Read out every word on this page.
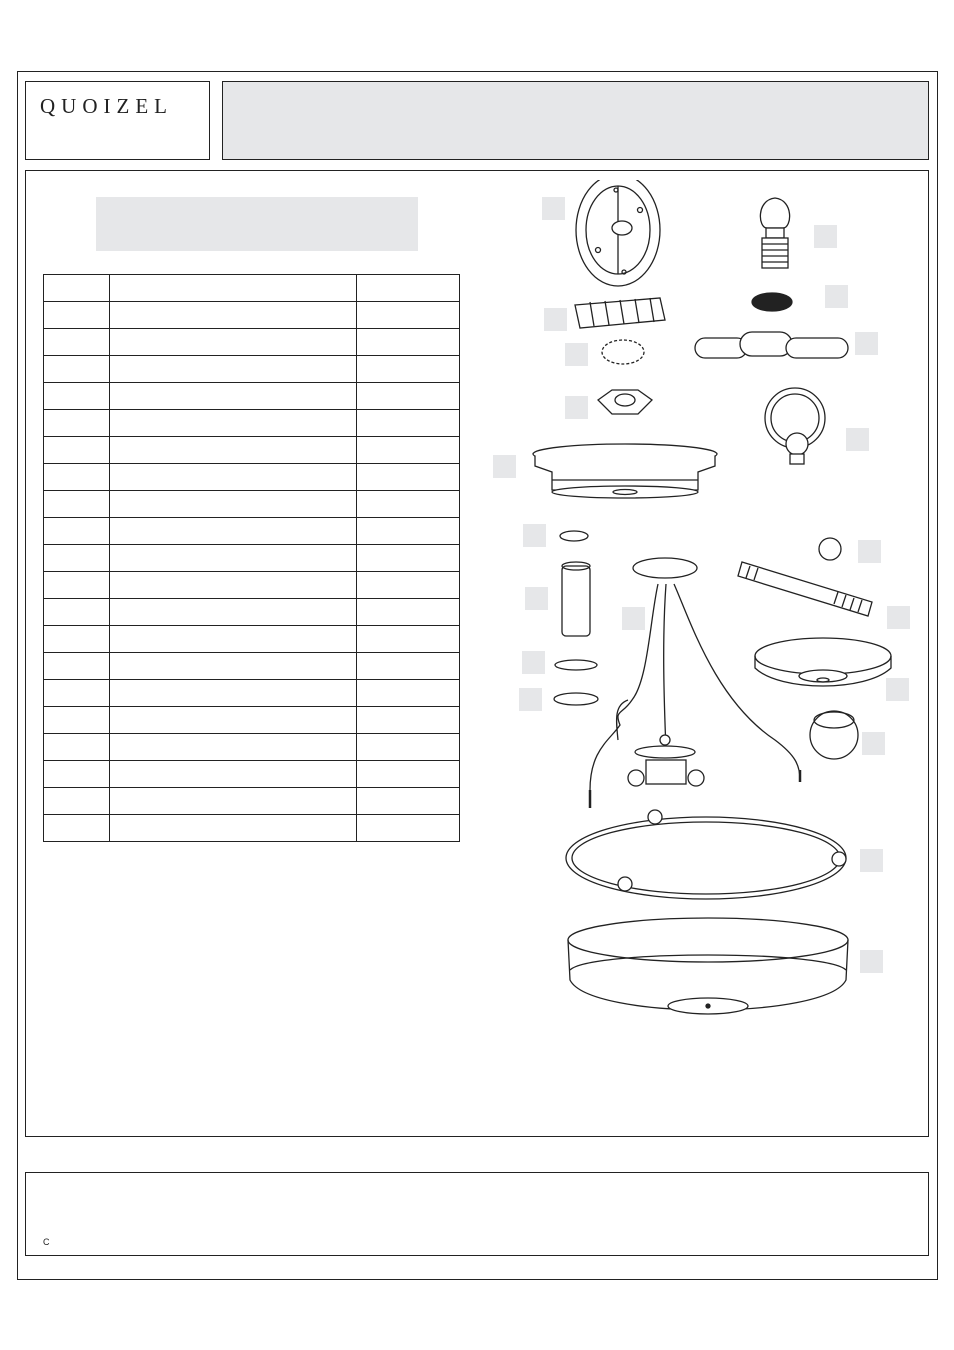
QUOIZEL

C
